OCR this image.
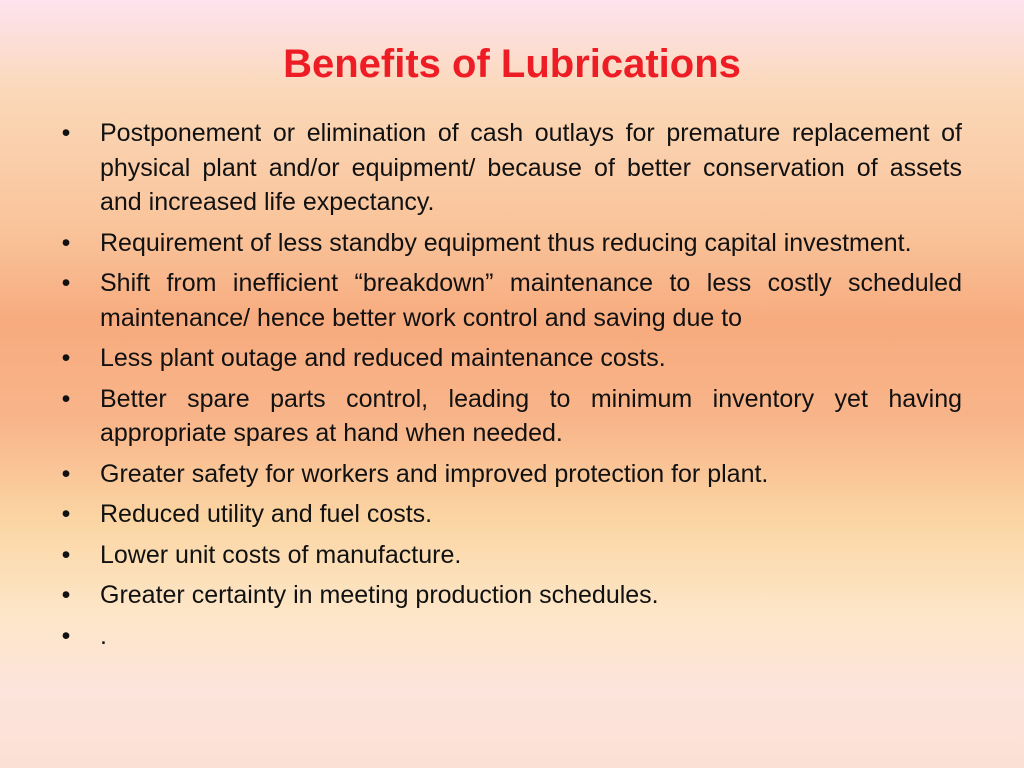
Benefits of Lubrications
• Postponement or elimination of cash outlays for premature replacement of physical plant and/or equipment/ because of better conservation of assets and increased life expectancy.
• Requirement of less standby equipment thus reducing capital investment.
• Shift from inefficient “breakdown” maintenance to less costly scheduled maintenance/ hence better work control and saving due to
• Less plant outage and reduced maintenance costs.
• Better spare parts control, leading to minimum inventory yet having appropriate spares at hand when needed.
• Greater safety for workers and improved protection for plant.
• Reduced utility and fuel costs.
• Lower unit costs of manufacture.
• Greater certainty in meeting production schedules.
• .
